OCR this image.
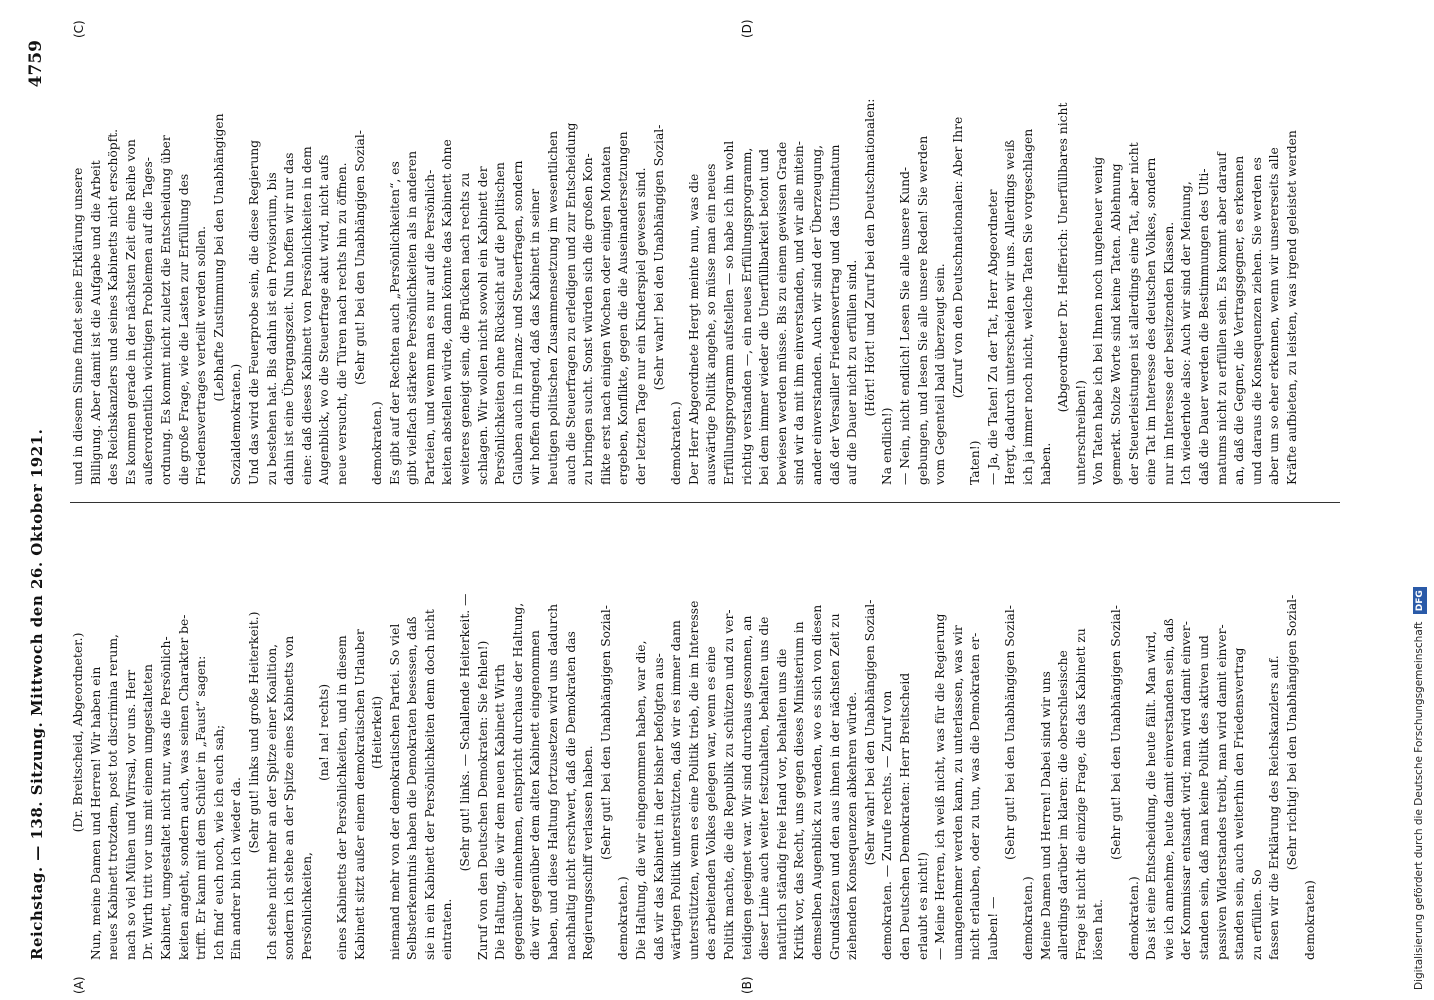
Reichstag. — 138. Sitzung. Mittwoch den 26. Oktober 1921.
4759
(Dr. Breitscheid, Abgeordneter.) Nun, meine Damen und Herren! Wir haben ein neues Kabinett trotzdem, post tot discrimina rerum, nach so viel Mühen und Wirrsal, vor uns. Herr Dr. Wirth tritt vor uns mit einem umgestalteten Kabinett, umgestaltet nicht nur, was die Persönlich- keiten angeht, sondern auch, was seinen Charakter be- trifft. Er kann mit dem Schüler in „Faust“ sagen: Ich find’ euch noch, wie ich euch sah; Ein andrer bin ich wieder da.
(Sehr gut! links und große Heiterkeit.) Ich stehe nicht mehr an der Spitze einer Koalition, sondern ich stehe an der Spitze eines Kabinetts von Persönlichkeiten,
(na! na! rechts) eines Kabinetts der Persönlichkeiten, und in diesem Kabinett sitzt außer einem demokratischen Urlauber (Heiterkeit) niemand mehr von der demokratischen Partei. So viel Selbsterkenntnis haben die Demokraten besessen, daß sie in ein Kabinett der Persönlichkeiten denn doch nicht eintraten.
(Sehr gut! links. — Schallende Heiterkeit. — Zuruf von den Deutschen Demokraten: Sie fehlen!) Die Haltung, die wir dem neuen Kabinett Wirth gegenüber einnehmen, entspricht durchaus der Haltung, die wir gegenüber dem alten Kabinett eingenommen haben, und diese Haltung fortzusetzen wird uns dadurch nachhaltig nicht erschwert, daß die Demokraten das Regierungsschiff verlassen haben. (Sehr gut! bei den Unabhängigen Sozial-
demokraten.) Die Haltung, die wir eingenommen haben, war die, daß wir das Kabinett in der bisher befolgten aus- wärtigen Politik unterstützten, daß wir es immer dann unterstützten, wenn es eine Politik trieb, die im Interesse des arbeitenden Volkes gelegen war, wenn es eine Politik machte, die die Republik zu schützen und zu ver- teidigen geeignet war. Wir sind durchaus gesonnen, an dieser Linie auch weiter festzuhalten, behalten uns die natürlich ständig freie Hand vor, behalten uns die Kritik vor, das Recht, uns gegen dieses Ministerium in demselben Augenblick zu wenden, wo es sich von diesen Grundsätzen und den aus ihnen in der nächsten Zeit zu ziehenden Konsequenzen abkehren würde. (Sehr wahr! bei den Unabhängigen Sozial- demokraten. — Zurufe rechts. — Zuruf von den Deutschen Demokraten: Herr Breitscheid erlaubt es nicht!) — Meine Herren, ich weiß nicht, was für die Regierung unangenehmer werden kann, zu unterlassen, was wir nicht erlauben, oder zu tun, was die Demokraten er- lauben! —
(Sehr gut! bei den Unabhängigen Sozial-
demokraten.) Meine Damen und Herren! Dabei sind wir uns allerdings darüber im klaren: die oberschlesische Frage ist nicht die einzige Frage, die das Kabinett zu lösen hat.
(Sehr gut! bei den Unabhängigen Sozial-
demokraten.) Das ist eine Entscheidung, die heute fällt. Man wird, wie ich annehme, heute damit einverstanden sein, daß der Kommissar entsandt wird; man wird damit einver- standen sein, daß man keine Politik des aktiven und passiven Widerstandes treibt, man wird damit einver- standen sein, auch weiterhin den Friedensvertrag zu erfüllen. So fassen wir die Erklärung des Reichskanzlers auf. (Sehr richtig! bei den Unabhängigen Sozial-
demokraten)
und in diesem Sinne findet seine Erklärung unsere Billigung. Aber damit ist die Aufgabe und die Arbeit des Reichskanzlers und seines Kabinetts nicht erschöpft. Es kommen gerade in der nächsten Zeit eine Reihe von außerordentlich wichtigen Problemen auf die Tages- ordnung. Es kommt nicht zuletzt die Entscheidung über die große Frage, wie die Lasten zur Erfüllung des Friedensvertrages verteilt werden sollen. (Lebhafte Zustimmung bei den Unabhängigen
Sozialdemokraten.) Und das wird die Feuerprobe sein, die diese Regierung zu bestehen hat. Bis dahin ist ein Provisorium, bis dahin ist eine Übergangszeit. Nun hoffen wir nur das eine: daß dieses Kabinett von Persönlichkeiten in dem Augenblick, wo die Steuerfrage akut wird, nicht aufs neue versucht, die Türen nach rechts hin zu öffnen. (Sehr gut! bei den Unabhängigen Sozial-
demokraten.) Es gibt auf der Rechten auch „Persönlichkeiten“, es gibt vielfach stärkere Persönlichkeiten als in anderen Parteien, und wenn man es nur auf die Persönlich- keiten abstellen würde, dann könnte das Kabinett ohne weiteres geneigt sein, die Brücken nach rechts zu schlagen. Wir wollen nicht sowohl ein Kabinett der Persönlichkeiten ohne Rücksicht auf die politischen Glauben auch in Finanz- und Steuerfragen, sondern wir hoffen dringend, daß das Kabinett in seiner heutigen politischen Zusammensetzung im wesentlichen auch die Steuerfragen zu erledigen und zur Entscheidung zu bringen sucht. Sonst würden sich die großen Kon- flikte erst nach einigen Wochen oder einigen Monaten ergeben, Konflikte, gegen die die Auseinandersetzungen der letzten Tage nur ein Kinderspiel gewesen sind. (Sehr wahr! bei den Unabhängigen Sozial-
demokraten.) Der Herr Abgeordnete Hergt meinte nun, was die auswärtige Politik angehe, so müsse man ein neues Erfüllungsprogramm aufstellen — so habe ich ihn wohl richtig verstanden —, ein neues Erfüllungsprogramm, bei dem immer wieder die Unerfüllbarkeit betont und bewiesen werden müsse. Bis zu einem gewissen Grade sind wir da mit ihm einverstanden, und wir alle mitein- ander einverstanden. Auch wir sind der Überzeugung, daß der Versailler Friedensvertrag und das Ultimatum auf die Dauer nicht zu erfüllen sind. (Hört! Hört! und Zuruf bei den Deutschnationalen:
Na endlich!) — Nein, nicht endlich! Lesen Sie alle unsere Kund- gebungen, und lesen Sie alle unsere Reden! Sie werden vom Gegenteil bald überzeugt sein. (Zuruf von den Deutschnationalen: Aber Ihre
Taten!) — Ja, die Taten! Zu der Tat, Herr Abgeordneter Hergt, dadurch unterscheiden wir uns. Allerdings weiß ich ja immer noch nicht, welche Taten Sie vorgeschlagen haben.
(Abgeordneter Dr. Helfferich: Unerfüllbares nicht
unterschreiben!) Von Taten habe ich bei Ihnen noch ungeheuer wenig gemerkt. Stolze Worte sind keine Taten. Ablehnung der Steuerleistungen ist allerdings eine Tat, aber nicht eine Tat im Interesse des deutschen Volkes, sondern nur im Interesse der besitzenden Klassen. Ich wiederhole also: Auch wir sind der Meinung, daß die Dauer werden die Bestimmungen des Ulti- matums nicht zu erfüllen sein. Es kommt aber darauf an, daß die Gegner, die Vertragsgegner, es erkennen und daraus die Konsequenzen ziehen. Sie werden es aber um so eher erkennen, wenn wir unsererseits alle Kräfte aufbieten, zu leisten, was irgend geleistet werden
(A)	(B)
(C)	(D)
Digitalisierung gefördert durch die Deutsche Forschungsgemeinschaft DFG
